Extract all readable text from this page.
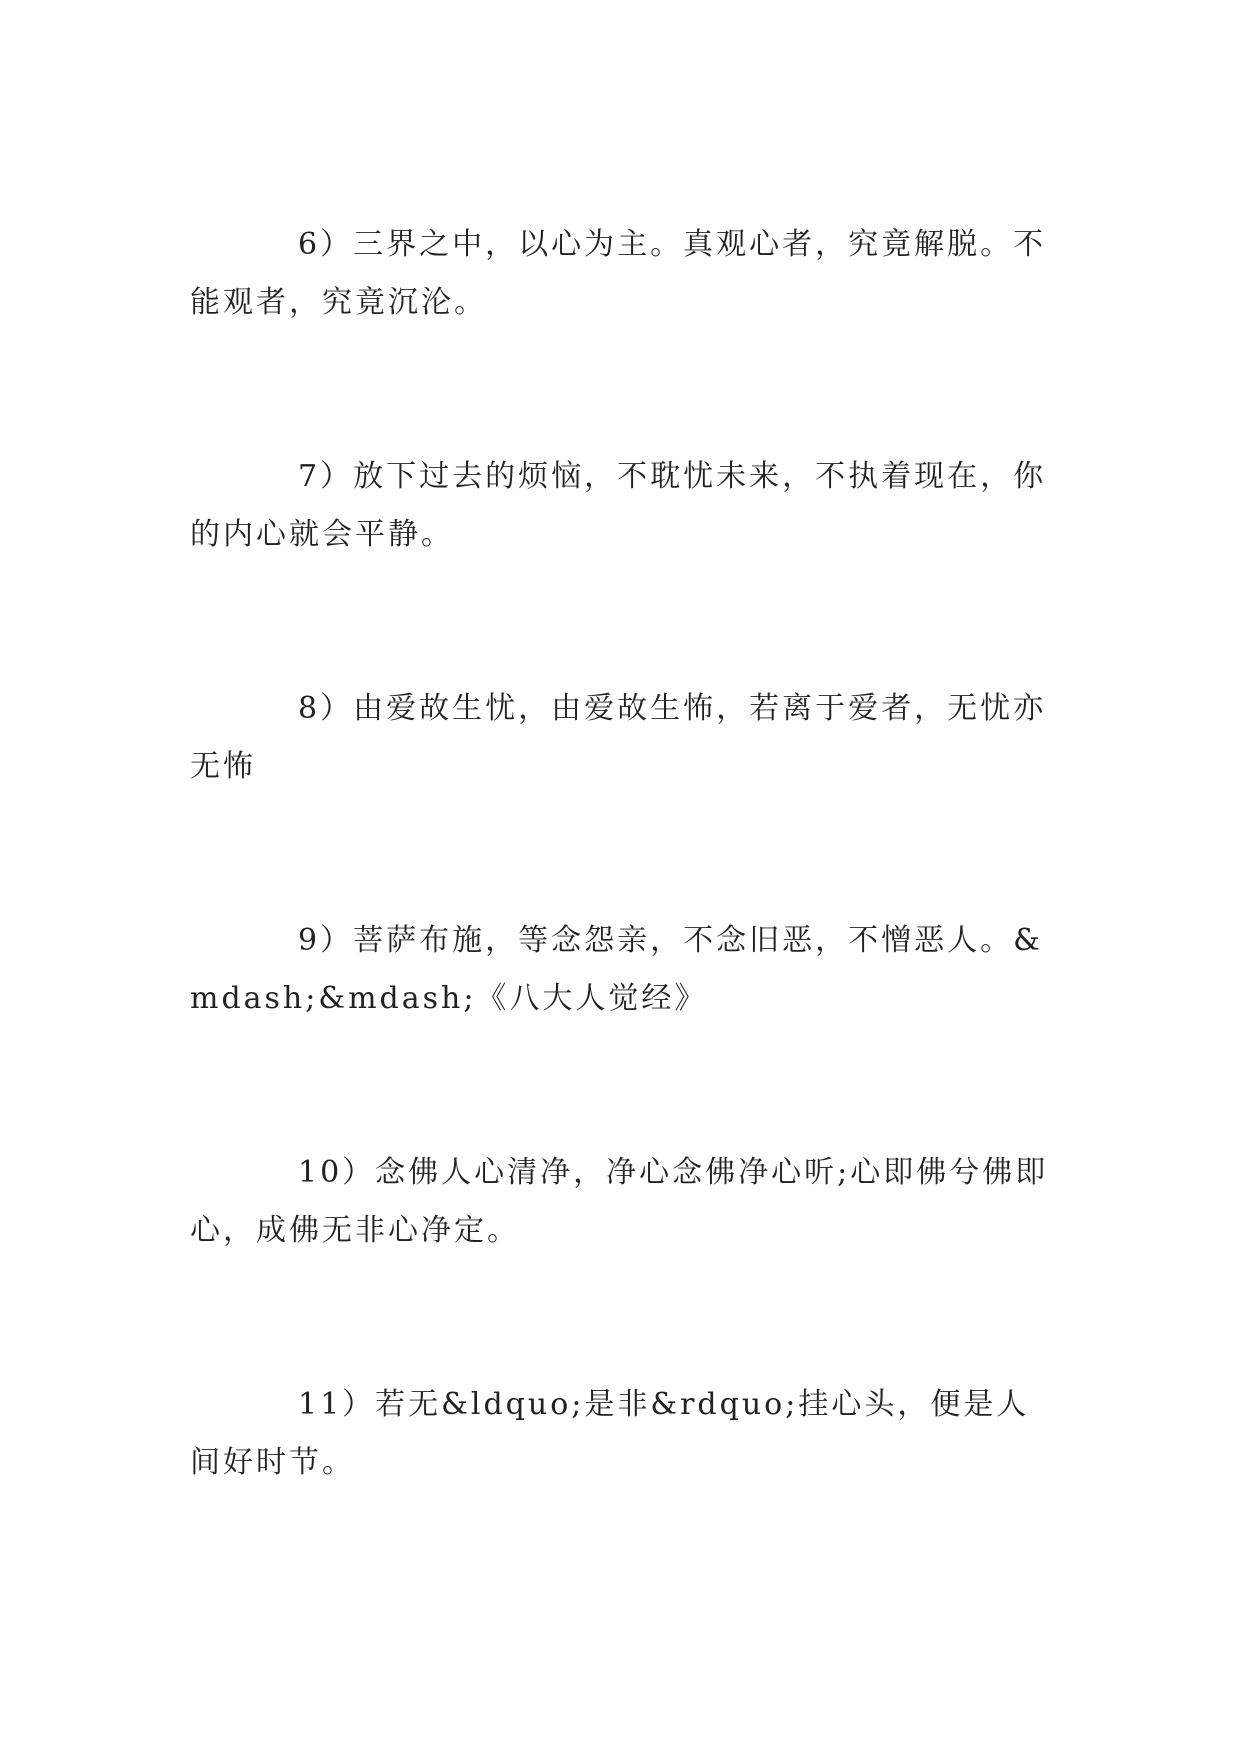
6）三界之中，以心为主。真观心者，究竟解脱。不能观者，究竟沉沦。

7）放下过去的烦恼，不耽忧未来，不执着现在，你的内心就会平静。

8）由爱故生忧，由爱故生怖，若离于爱者，无忧亦无怖

9）菩萨布施，等念怨亲，不念旧恶，不憎恶人。&mdash;&mdash;《八大人觉经》

10）念佛人心清净，净心念佛净心听;心即佛兮佛即心，成佛无非心净定。

11）若无&ldquo;是非&rdquo;挂心头，便是人间好时节。
